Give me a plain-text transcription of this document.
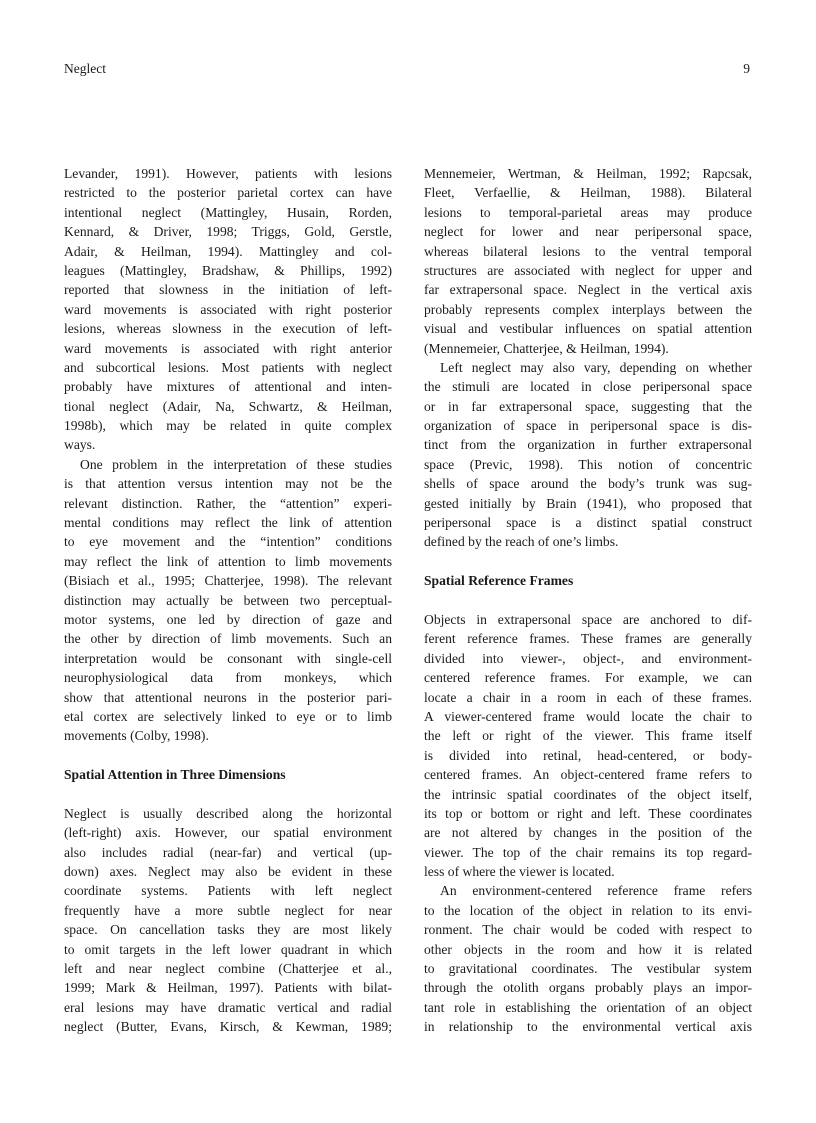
Neglect	9
Levander, 1991). However, patients with lesions
restricted to the posterior parietal cortex can have
intentional neglect (Mattingley, Husain, Rorden,
Kennard, & Driver, 1998; Triggs, Gold, Gerstle,
Adair, & Heilman, 1994). Mattingley and col-
leagues (Mattingley, Bradshaw, & Phillips, 1992)
reported that slowness in the initiation of left-
ward movements is associated with right posterior
lesions, whereas slowness in the execution of left-
ward movements is associated with right anterior
and subcortical lesions. Most patients with neglect
probably have mixtures of attentional and inten-
tional neglect (Adair, Na, Schwartz, & Heilman,
1998b), which may be related in quite complex
ways.
One problem in the interpretation of these studies
is that attention versus intention may not be the
relevant distinction. Rather, the “attention” experi-
mental conditions may reflect the link of attention
to eye movement and the “intention” conditions
may reflect the link of attention to limb movements
(Bisiach et al., 1995; Chatterjee, 1998). The relevant
distinction may actually be between two perceptual-
motor systems, one led by direction of gaze and
the other by direction of limb movements. Such an
interpretation would be consonant with single-cell
neurophysiological data from monkeys, which
show that attentional neurons in the posterior pari-
etal cortex are selectively linked to eye or to limb
movements (Colby, 1998).
Spatial Attention in Three Dimensions
Neglect is usually described along the horizontal
(left-right) axis. However, our spatial environment
also includes radial (near-far) and vertical (up-
down) axes. Neglect may also be evident in these
coordinate systems. Patients with left neglect
frequently have a more subtle neglect for near
space. On cancellation tasks they are most likely
to omit targets in the left lower quadrant in which
left and near neglect combine (Chatterjee et al.,
1999; Mark & Heilman, 1997). Patients with bilat-
eral lesions may have dramatic vertical and radial
neglect (Butter, Evans, Kirsch, & Kewman, 1989;
Mennemeier, Wertman, & Heilman, 1992; Rapcsak,
Fleet, Verfaellie, & Heilman, 1988). Bilateral
lesions to temporal-parietal areas may produce
neglect for lower and near peripersonal space,
whereas bilateral lesions to the ventral temporal
structures are associated with neglect for upper and
far extrapersonal space. Neglect in the vertical axis
probably represents complex interplays between the
visual and vestibular influences on spatial attention
(Mennemeier, Chatterjee, & Heilman, 1994).
Left neglect may also vary, depending on whether
the stimuli are located in close peripersonal space
or in far extrapersonal space, suggesting that the
organization of space in peripersonal space is dis-
tinct from the organization in further extrapersonal
space (Previc, 1998). This notion of concentric
shells of space around the body’s trunk was sug-
gested initially by Brain (1941), who proposed that
peripersonal space is a distinct spatial construct
defined by the reach of one’s limbs.
Spatial Reference Frames
Objects in extrapersonal space are anchored to dif-
ferent reference frames. These frames are generally
divided into viewer-, object-, and environment-
centered reference frames. For example, we can
locate a chair in a room in each of these frames.
A viewer-centered frame would locate the chair to
the left or right of the viewer. This frame itself
is divided into retinal, head-centered, or body-
centered frames. An object-centered frame refers to
the intrinsic spatial coordinates of the object itself,
its top or bottom or right and left. These coordinates
are not altered by changes in the position of the
viewer. The top of the chair remains its top regard-
less of where the viewer is located.
An environment-centered reference frame refers
to the location of the object in relation to its envi-
ronment. The chair would be coded with respect to
other objects in the room and how it is related
to gravitational coordinates. The vestibular system
through the otolith organs probably plays an impor-
tant role in establishing the orientation of an object
in relationship to the environmental vertical axis
